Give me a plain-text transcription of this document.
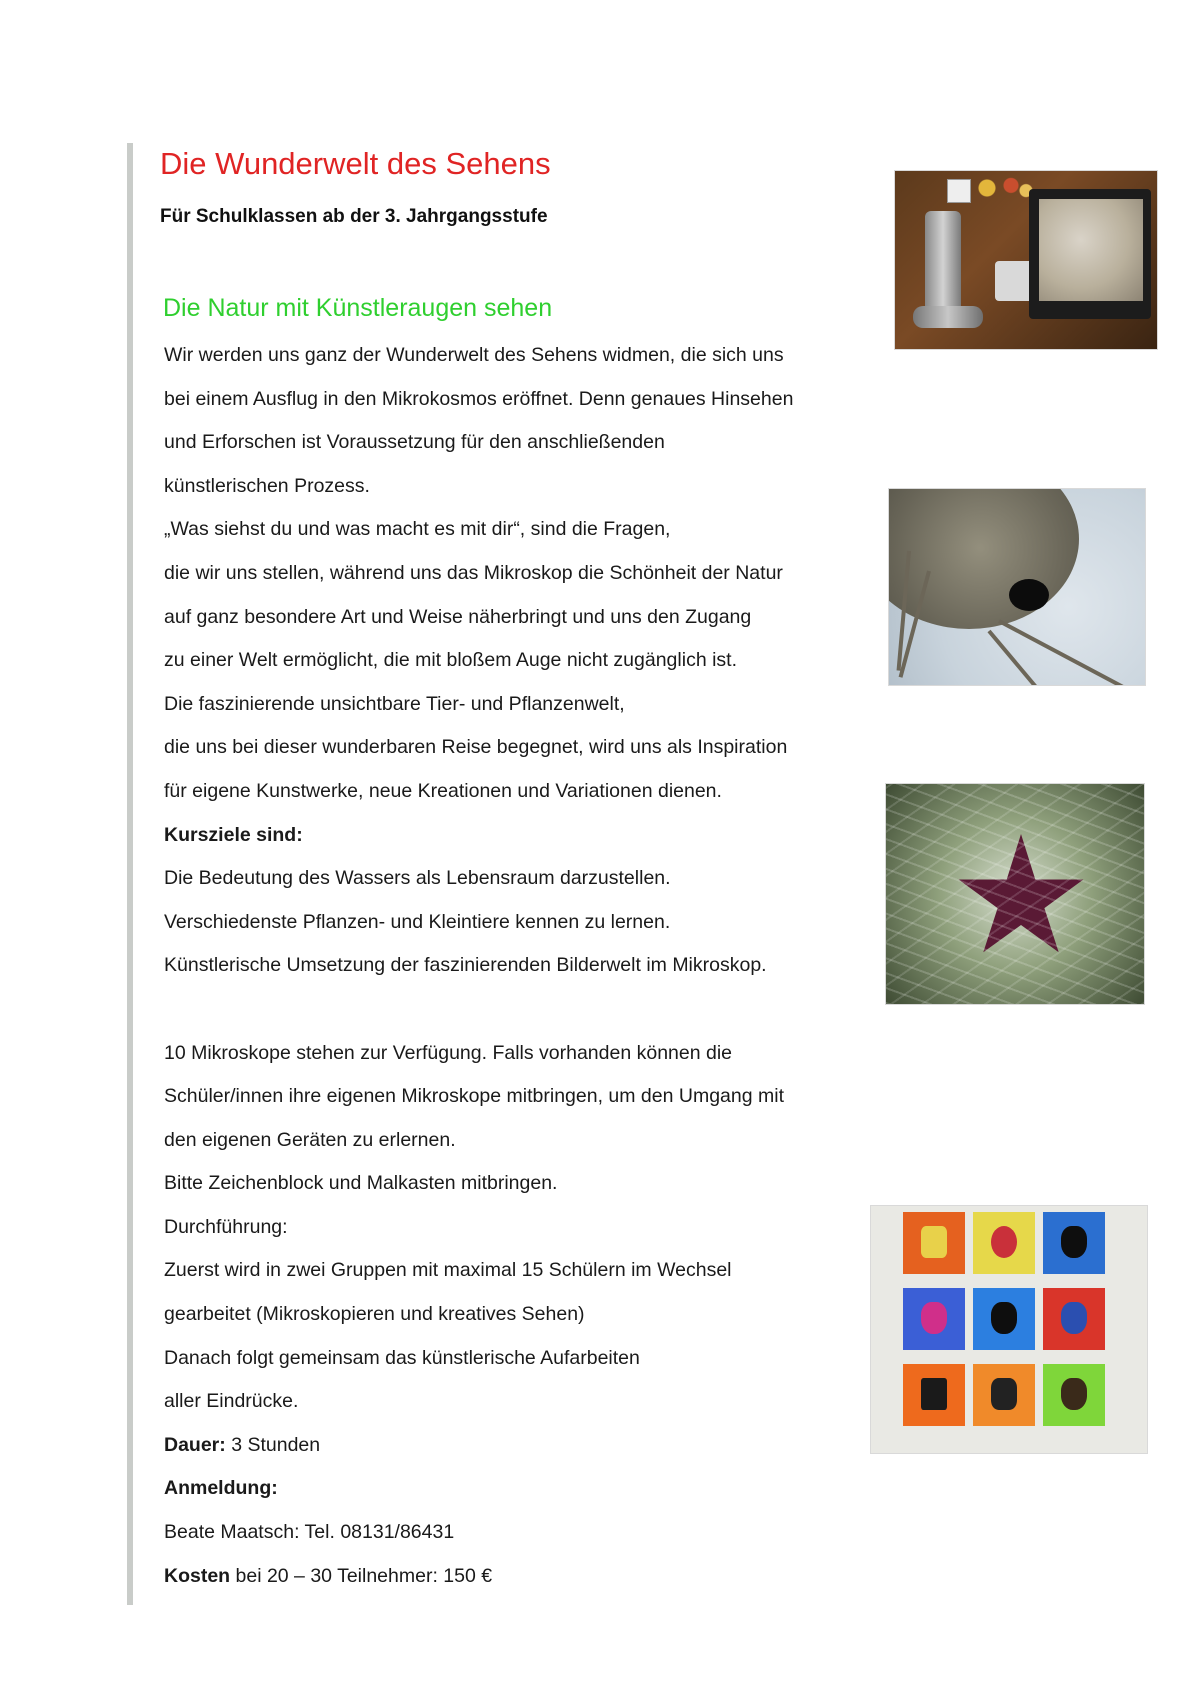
Die Wunderwelt des Sehens
Für Schulklassen ab der 3. Jahrgangsstufe
Die Natur mit Künstleraugen sehen
Wir werden uns ganz der Wunderwelt des Sehens widmen, die sich uns
bei einem Ausflug in den Mikrokosmos eröffnet. Denn genaues Hinsehen
und Erforschen ist Voraussetzung für den anschließenden
künstlerischen Prozess.
„Was siehst du und was macht es mit dir“, sind die Fragen,
die wir uns stellen, während uns das Mikroskop die Schönheit der Natur
auf ganz besondere Art und Weise näherbringt und uns den Zugang
zu einer Welt ermöglicht, die mit bloßem Auge nicht zugänglich ist.
Die faszinierende unsichtbare Tier- und Pflanzenwelt,
die uns bei dieser wunderbaren Reise begegnet, wird uns als Inspiration
für eigene Kunstwerke, neue Kreationen und Variationen dienen.
Kursziele sind:
Die Bedeutung des Wassers als Lebensraum darzustellen.
Verschiedenste Pflanzen- und Kleintiere kennen zu lernen.
Künstlerische Umsetzung der faszinierenden Bilderwelt im Mikroskop.
10 Mikroskope stehen zur Verfügung. Falls vorhanden können die
Schüler/innen ihre eigenen Mikroskope mitbringen, um den Umgang mit
den eigenen Geräten zu erlernen.
Bitte Zeichenblock und Malkasten mitbringen.
Durchführung:
Zuerst wird in zwei Gruppen mit maximal 15 Schülern im Wechsel
gearbeitet (Mikroskopieren und kreatives Sehen)
Danach folgt gemeinsam das künstlerische Aufarbeiten
aller Eindrücke.
Dauer: 3 Stunden
Anmeldung:
Beate Maatsch: Tel. 08131/86431
Kosten bei 20 – 30 Teilnehmer: 150 €
